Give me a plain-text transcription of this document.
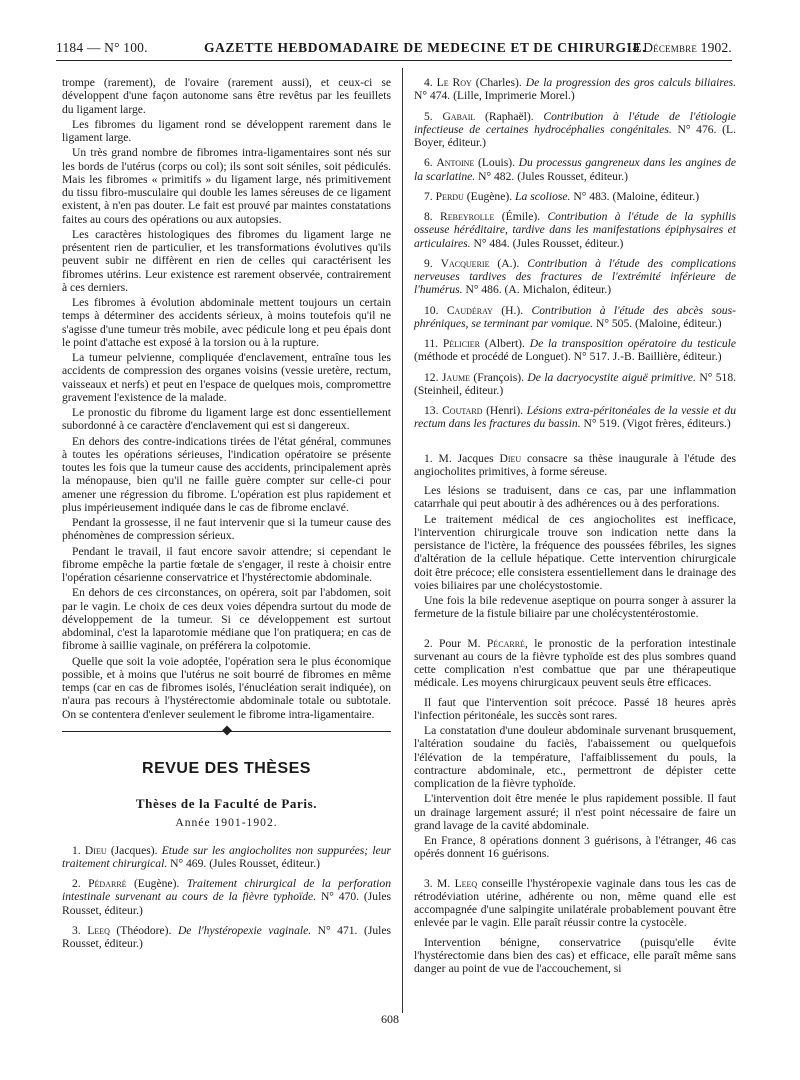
1184 — N° 100.	GAZETTE HEBDOMADAIRE DE MEDECINE ET DE CHIRURGIE.
14 Décembre 1902.

trompe (rarement), de l'ovaire (rarement aussi), et ceux-ci se développent d'une façon autonome sans être revêtus par les feuillets du ligament large.

Les fibromes du ligament rond se développent rarement dans le ligament large.

Un très grand nombre de fibromes intra-ligamentaires sont nés sur les bords de l'utérus (corps ou col); ils sont soit séniles, soit pédiculés. Mais les fibromes « primitifs » du ligament large, nés primitivement du tissu fibro-musculaire qui double les lames séreuses de ce ligament existent, à n'en pas douter. Le fait est prouvé par maintes constatations faites au cours des opérations ou aux autopsies.

Les caractères histologiques des fibromes du ligament large ne présentent rien de particulier, et les transformations évolutives qu'ils peuvent subir ne diffèrent en rien de celles qui caractérisent les fibromes utérins. Leur existence est rarement observée, contrairement à ces derniers.

Les fibromes à évolution abdominale mettent toujours un certain temps à déterminer des accidents sérieux, à moins toutefois qu'il ne s'agisse d'une tumeur très mobile, avec pédicule long et peu épais dont le point d'attache est exposé à la torsion ou à la rupture.

La tumeur pelvienne, compliquée d'enclavement, entraîne tous les accidents de compression des organes voisins (vessie uretère, rectum, vaisseaux et nerfs) et peut en l'espace de quelques mois, compromettre gravement l'existence de la malade.

Le pronostic du fibrome du ligament large est donc essentiellement subordonné à ce caractère d'enclavement qui est si dangereux.

En dehors des contre-indications tirées de l'état général, communes à toutes les opérations sérieuses, l'indication opératoire se présente toutes les fois que la tumeur cause des accidents, principalement après la ménopause, bien qu'il ne faille guère compter sur celle-ci pour amener une régression du fibrome. L'opération est plus rapidement et plus impérieusement indiquée dans le cas de fibrome enclavé.

Pendant la grossesse, il ne faut intervenir que si la tumeur cause des phénomènes de compression sérieux.

Pendant le travail, il faut encore savoir attendre; si cependant le fibrome empêche la partie fœtale de s'engager, il reste à choisir entre l'opération césarienne conservatrice et l'hystérectomie abdominale.

En dehors de ces circonstances, on opérera, soit par l'abdomen, soit par le vagin. Le choix de ces deux voies dépendra surtout du mode de développement de la tumeur. Si ce développement est surtout abdominal, c'est la laparotomie médiane que l'on pratiquera; en cas de fibrome à saillie vaginale, on préférera la colpotomie.

Quelle que soit la voie adoptée, l'opération sera le plus économique possible, et à moins que l'utérus ne soit bourré de fibromes en même temps (car en cas de fibromes isolés, l'énucléation serait indiquée), on n'aura pas recours à l'hystérectomie abdominale totale ou subtotale. On se contentera d'enlever seulement le fibrome intra-ligamentaire.

REVUE DES THÈSES
Thèses de la Faculté de Paris.
Année 1901-1902.

1. Dieu (Jacques). Etude sur les angiocholites non suppurées; leur traitement chirurgical. N° 469. (Jules Rousset, éditeur.)

2. Pédarré (Eugène). Traitement chirurgical de la perforation intestinale survenant au cours de la fièvre typhoïde. N° 470. (Jules Rousset, éditeur.)

3. Leeq (Théodore). De l'hystéropexie vaginale. N° 471. (Jules Rousset, éditeur.)

4. Le Roy (Charles). De la progression des gros calculs biliaires. N° 474. (Lille, Imprimerie Morel.)

5. Gabail (Raphaël). Contribution à l'étude de l'étiologie infectieuse de certaines hydrocéphalies congénitales. N° 476. (L. Boyer, éditeur.)

6. Antoine (Louis). Du processus gangreneux dans les angines de la scarlatine. N° 482. (Jules Rousset, éditeur.)

7. Perdu (Eugène). La scoliose. N° 483. (Maloine, éditeur.)

8. Rebeyrolle (Émile). Contribution à l'étude de la syphilis osseuse héréditaire, tardive dans les manifestations épiphysaires et articulaires. N° 484. (Jules Rousset, éditeur.)

9. Vacquerie (A.). Contribution à l'étude des complications nerveuses tardives des fractures de l'extrémité inférieure de l'humérus. N° 486. (A. Michalon, éditeur.)

10. Caudéray (H.). Contribution à l'étude des abcès sous-phréniques, se terminant par vomique. N° 505. (Maloine, éditeur.)

11. Pélicier (Albert). De la transposition opératoire du testicule (méthode et procédé de Longuet). N° 517. J.-B. Baillière, éditeur.)

12. Jaume (François). De la dacryocystite aiguë primitive. N° 518. (Steinheil, éditeur.)

13. Coutard (Henri). Lésions extra-péritonéales de la vessie et du rectum dans les fractures du bassin. N° 519. (Vigot frères, éditeurs.)

1. M. Jacques Dieu consacre sa thèse inaugurale à l'étude des angiocholites primitives, à forme séreuse.

Les lésions se traduisent, dans ce cas, par une inflammation catarrhale qui peut aboutir à des adhérences ou à des perforations.

Le traitement médical de ces angiocholites est inefficace, l'intervention chirurgicale trouve son indication nette dans la persistance de l'ictère, la fréquence des poussées fébriles, les signes d'altération de la cellule hépatique. Cette intervention chirurgicale doit être précoce; elle consistera essentiellement dans le drainage des voies biliaires par une cholécystostomie.

Une fois la bile redevenue aseptique on pourra songer à assurer la fermeture de la fistule biliaire par une cholécystentérostomie.

2. Pour M. Pécarré, le pronostic de la perforation intestinale survenant au cours de la fièvre typhoïde est des plus sombres quand cette complication n'est combattue que par une thérapeutique médicale. Les moyens chirurgicaux peuvent seuls être efficaces.

Il faut que l'intervention soit précoce. Passé 18 heures après l'infection péritonéale, les succès sont rares.

La constatation d'une douleur abdominale survenant brusquement, l'altération soudaine du faciès, l'abaissement ou quelquefois l'élévation de la température, l'affaiblissement du pouls, la contracture abdominale, etc., permettront de dépister cette complication de la fièvre typhoïde.

L'intervention doit être menée le plus rapidement possible. Il faut un drainage largement assuré; il n'est point nécessaire de faire un grand lavage de la cavité abdominale.

En France, 8 opérations donnent 3 guérisons, à l'étranger, 46 cas opérés donnent 16 guérisons.

3. M. Leeq conseille l'hystéropexie vaginale dans tous les cas de rétrodéviation utérine, adhérente ou non, même quand elle est accompagnée d'une salpingite unilatérale probablement pouvant être enlevée par le vagin. Elle paraît réussir contre la cystocèle.

Intervention bénigne, conservatrice (puisqu'elle évite l'hystérectomie dans bien des cas) et efficace, elle paraît même sans danger au point de vue de l'accouchement, si

608
